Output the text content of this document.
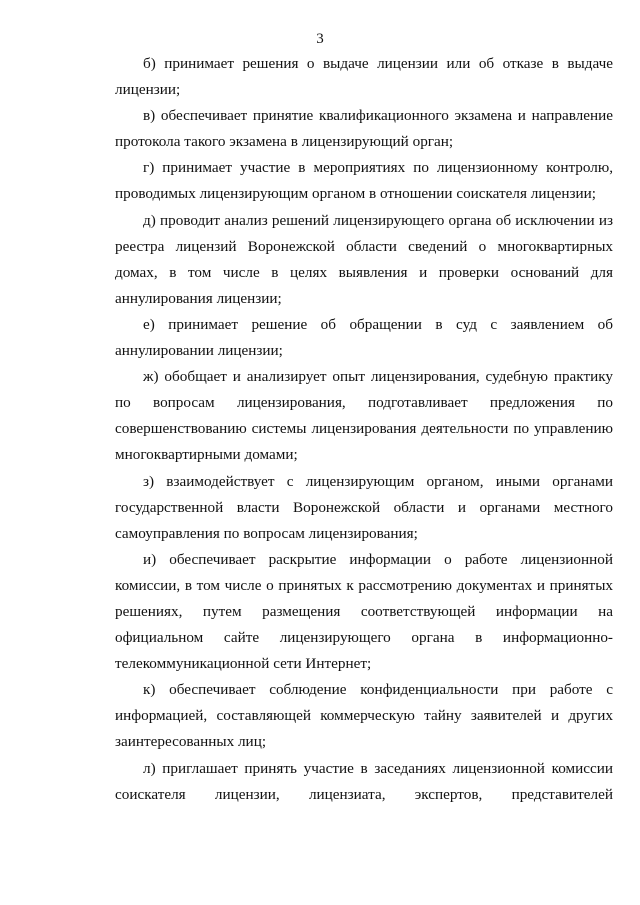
3

б) принимает решения о выдаче лицензии или об отказе в выдаче лицензии;

в) обеспечивает принятие квалификационного экзамена и направление протокола такого экзамена в лицензирующий орган;

г) принимает участие в мероприятиях по лицензионному контролю, проводимых лицензирующим органом в отношении соискателя лицензии;

д) проводит анализ решений лицензирующего органа об исключении из реестра лицензий Воронежской области сведений о многоквартирных домах, в том числе в целях выявления и проверки оснований для аннулирования лицензии;

е) принимает решение об обращении в суд с заявлением об аннулировании лицензии;

ж) обобщает и анализирует опыт лицензирования, судебную практику по вопросам лицензирования, подготавливает предложения по совершенствованию системы лицензирования деятельности по управлению многоквартирными домами;

з) взаимодействует с лицензирующим органом, иными органами государственной власти Воронежской области и органами местного самоуправления по вопросам лицензирования;

и) обеспечивает раскрытие информации о работе лицензионной комиссии, в том числе о принятых к рассмотрению документах и принятых решениях, путем размещения соответствующей информации на официальном сайте лицензирующего органа в информационно-телекоммуникационной сети Интернет;

к) обеспечивает соблюдение конфиденциальности при работе с информацией, составляющей коммерческую тайну заявителей и других заинтересованных лиц;

л) приглашает принять участие в заседаниях лицензионной комиссии соискателя лицензии, лицензиата, экспертов, представителей
